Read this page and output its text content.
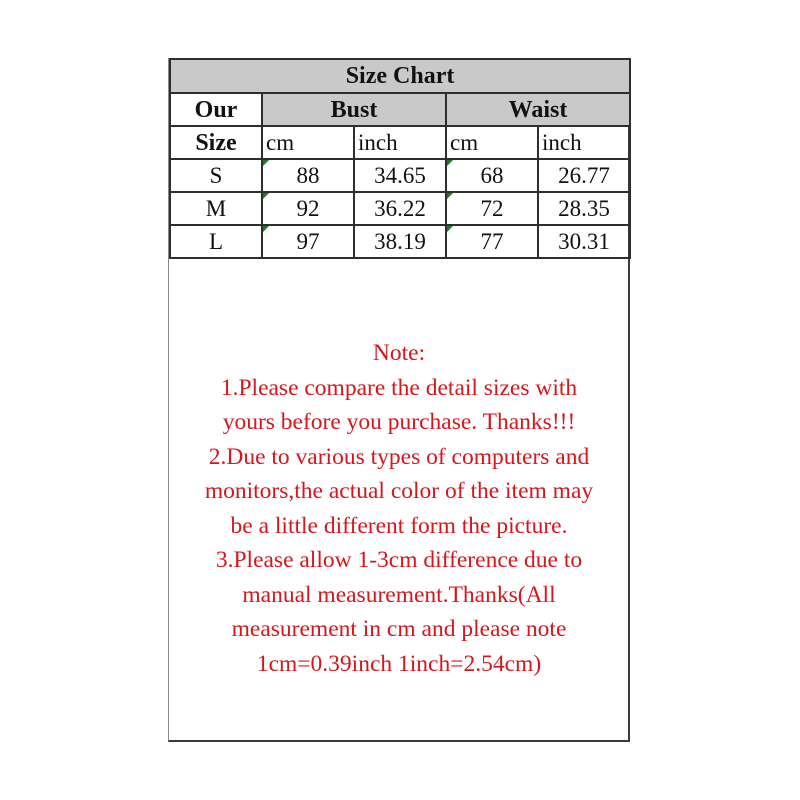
Size Chart				
Our	Bust		Waist	
Size	cm	inch	cm	inch
S	88	34.65	68	26.77
M	92	36.22	72	28.35
L	97	38.19	77	30.31
Note:
1.Please compare the detail sizes with
yours before you purchase. Thanks!!!
2.Due to various types of computers and
monitors,the actual color of the item may
be a little different form the picture.
3.Please allow 1-3cm difference due to
manual measurement.Thanks(All
measurement in cm and please note
1cm=0.39inch 1inch=2.54cm)
